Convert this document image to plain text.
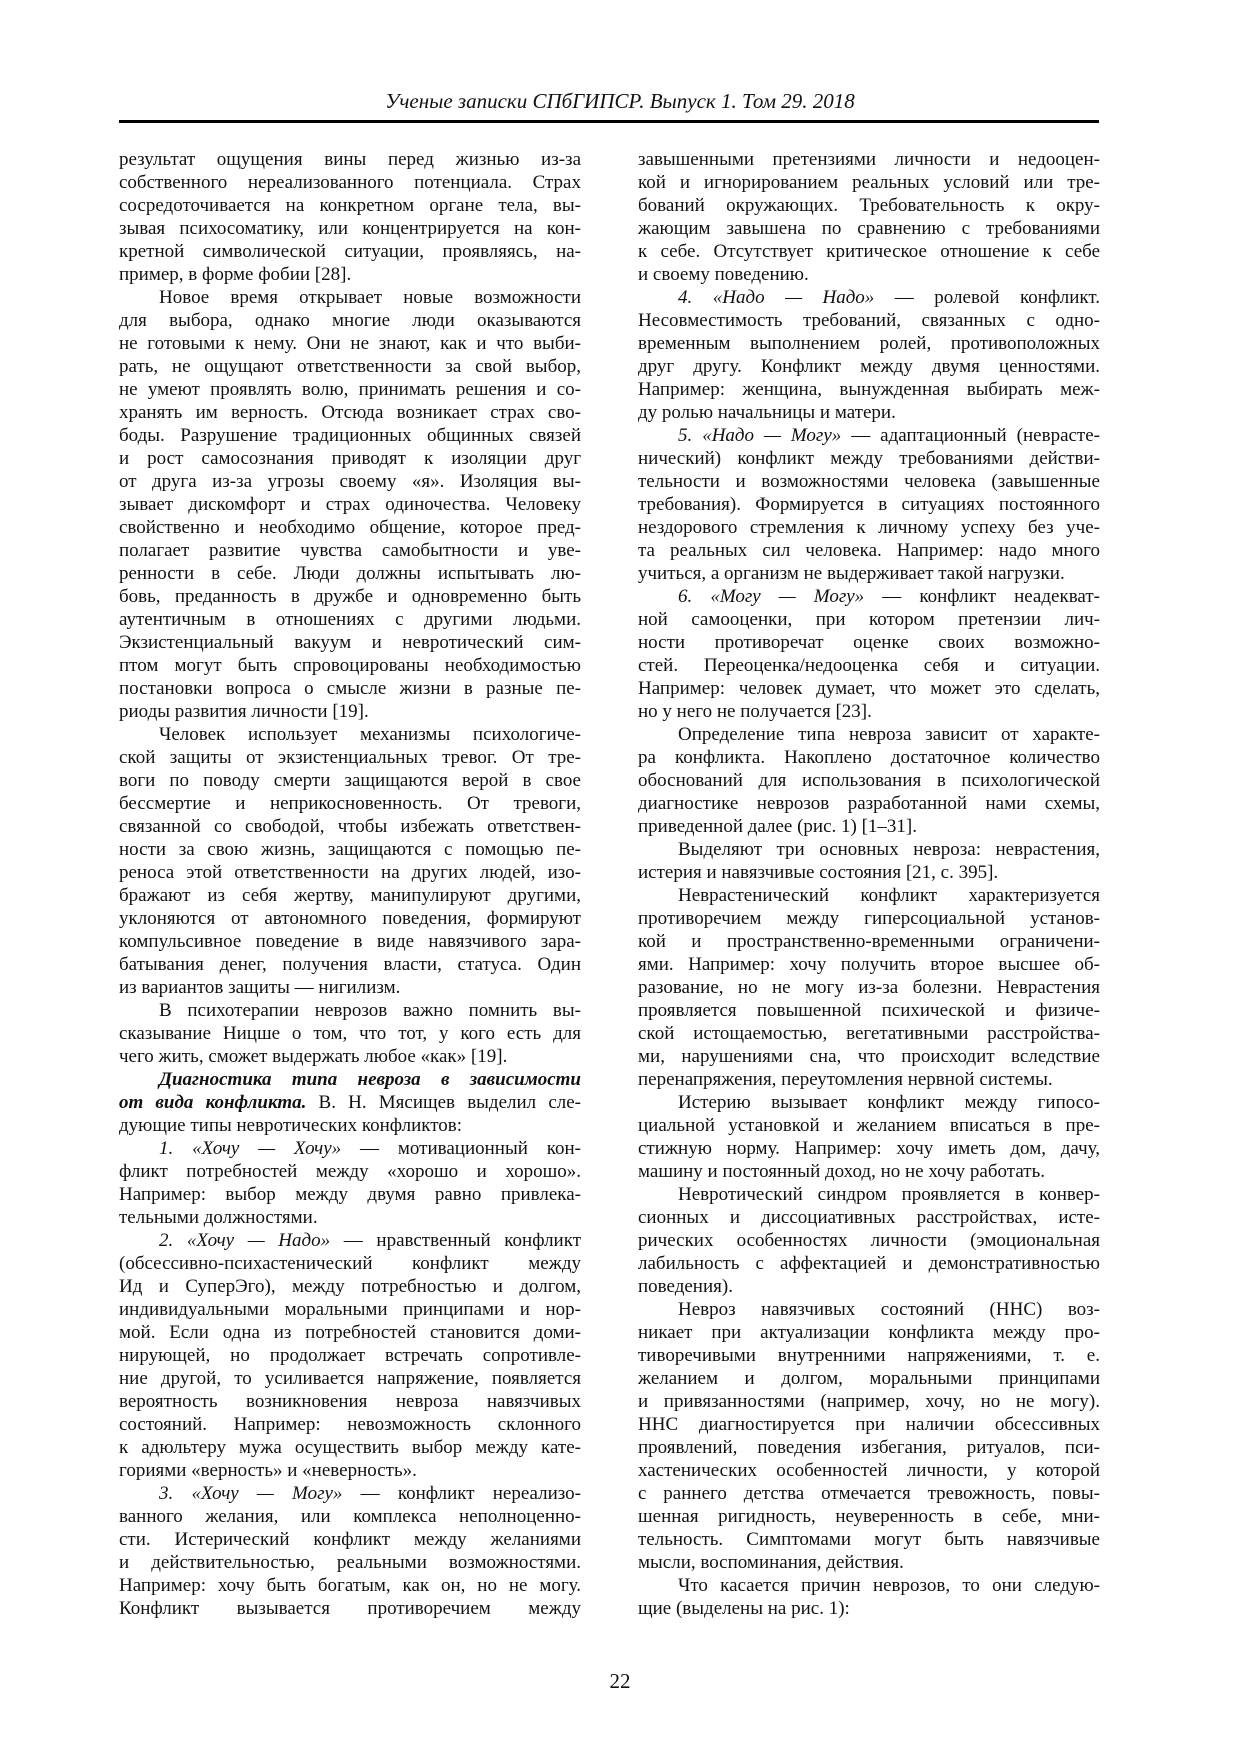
Ученые записки СПбГИПСР. Выпуск 1. Том 29. 2018
результат ощущения вины перед жизнью из-за
собственного нереализованного потенциала. Страх
сосредоточивается на конкретном органе тела, вы-
зывая психосоматику, или концентрируется на кон-
кретной символической ситуации, проявляясь, на-
пример, в форме фобии [28].
Новое время открывает новые возможности
для выбора, однако многие люди оказываются
не готовыми к нему. Они не знают, как и что выби-
рать, не ощущают ответственности за свой выбор,
не умеют проявлять волю, принимать решения и со-
хранять им верность. Отсюда возникает страх сво-
боды. Разрушение традиционных общинных связей
и рост самосознания приводят к изоляции друг
от друга из-за угрозы своему «я». Изоляция вы-
зывает дискомфорт и страх одиночества. Человеку
свойственно и необходимо общение, которое пред-
полагает развитие чувства самобытности и уве-
ренности в себе. Люди должны испытывать лю-
бовь, преданность в дружбе и одновременно быть
аутентичным в отношениях с другими людьми.
Экзистенциальный вакуум и невротический сим-
птом могут быть спровоцированы необходимостью
постановки вопроса о смысле жизни в разные пе-
риоды развития личности [19].
Человек использует механизмы психологиче-
ской защиты от экзистенциальных тревог. От тре-
воги по поводу смерти защищаются верой в свое
бессмертие и неприкосновенность. От тревоги,
связанной со свободой, чтобы избежать ответствен-
ности за свою жизнь, защищаются с помощью пе-
реноса этой ответственности на других людей, изо-
бражают из себя жертву, манипулируют другими,
уклоняются от автономного поведения, формируют
компульсивное поведение в виде навязчивого зара-
батывания денег, получения власти, статуса. Один
из вариантов защиты — нигилизм.
В психотерапии неврозов важно помнить вы-
сказывание Ницше о том, что тот, у кого есть для
чего жить, сможет выдержать любое «как» [19].
Диагностика типа невроза в зависимости
от вида конфликта. В. Н. Мясищев выделил сле-
дующие типы невротических конфликтов:
1. «Хочу — Хочу» — мотивационный кон-
фликт потребностей между «хорошо и хорошо».
Например: выбор между двумя равно привлека-
тельными должностями.
2. «Хочу — Надо» — нравственный конфликт
(обсессивно-психастенический конфликт между
Ид и СуперЭго), между потребностью и долгом,
индивидуальными моральными принципами и нор-
мой. Если одна из потребностей становится доми-
нирующей, но продолжает встречать сопротивле-
ние другой, то усиливается напряжение, появляется
вероятность возникновения невроза навязчивых
состояний. Например: невозможность склонного
к адюльтеру мужа осуществить выбор между кате-
гориями «верность» и «неверность».
3. «Хочу — Могу» — конфликт нереализо-
ванного желания, или комплекса неполноценно-
сти. Истерический конфликт между желаниями
и действительностью, реальными возможностями.
Например: хочу быть богатым, как он, но не могу.
Конфликт вызывается противоречием между
завышенными претензиями личности и недооцен-
кой и игнорированием реальных условий или тре-
бований окружающих. Требовательность к окру-
жающим завышена по сравнению с требованиями
к себе. Отсутствует критическое отношение к себе
и своему поведению.
4. «Надо — Надо» — ролевой конфликт.
Несовместимость требований, связанных с одно-
временным выполнением ролей, противоположных
друг другу. Конфликт между двумя ценностями.
Например: женщина, вынужденная выбирать меж-
ду ролью начальницы и матери.
5. «Надо — Могу» — адаптационный (неврасте-
нический) конфликт между требованиями действи-
тельности и возможностями человека (завышенные
требования). Формируется в ситуациях постоянного
нездорового стремления к личному успеху без уче-
та реальных сил человека. Например: надо много
учиться, а организм не выдерживает такой нагрузки.
6. «Могу — Могу» — конфликт неадекват-
ной самооценки, при котором претензии лич-
ности противоречат оценке своих возможно-
стей. Переоценка/недооценка себя и ситуации.
Например: человек думает, что может это сделать,
но у него не получается [23].
Определение типа невроза зависит от характе-
ра конфликта. Накоплено достаточное количество
обоснований для использования в психологической
диагностике неврозов разработанной нами схемы,
приведенной далее (рис. 1) [1–31].
Выделяют три основных невроза: неврастения,
истерия и навязчивые состояния [21, с. 395].
Неврастенический конфликт характеризуется
противоречием между гиперсоциальной установ-
кой и пространственно-временными ограничени-
ями. Например: хочу получить второе высшее об-
разование, но не могу из-за болезни. Неврастения
проявляется повышенной психической и физиче-
ской истощаемостью, вегетативными расстройства-
ми, нарушениями сна, что происходит вследствие
перенапряжения, переутомления нервной системы.
Истерию вызывает конфликт между гипосо-
циальной установкой и желанием вписаться в пре-
стижную норму. Например: хочу иметь дом, дачу,
машину и постоянный доход, но не хочу работать.
Невротический синдром проявляется в конвер-
сионных и диссоциативных расстройствах, исте-
рических особенностях личности (эмоциональная
лабильность с аффектацией и демонстративностью
поведения).
Невроз навязчивых состояний (ННС) воз-
никает при актуализации конфликта между про-
тиворечивыми внутренними напряжениями, т. е.
желанием и долгом, моральными принципами
и привязанностями (например, хочу, но не могу).
ННС диагностируется при наличии обсессивных
проявлений, поведения избегания, ритуалов, пси-
хастенических особенностей личности, у которой
с раннего детства отмечается тревожность, повы-
шенная ригидность, неуверенность в себе, мни-
тельность. Симптомами могут быть навязчивые
мысли, воспоминания, действия.
Что касается причин неврозов, то они следую-
щие (выделены на рис. 1):
22
